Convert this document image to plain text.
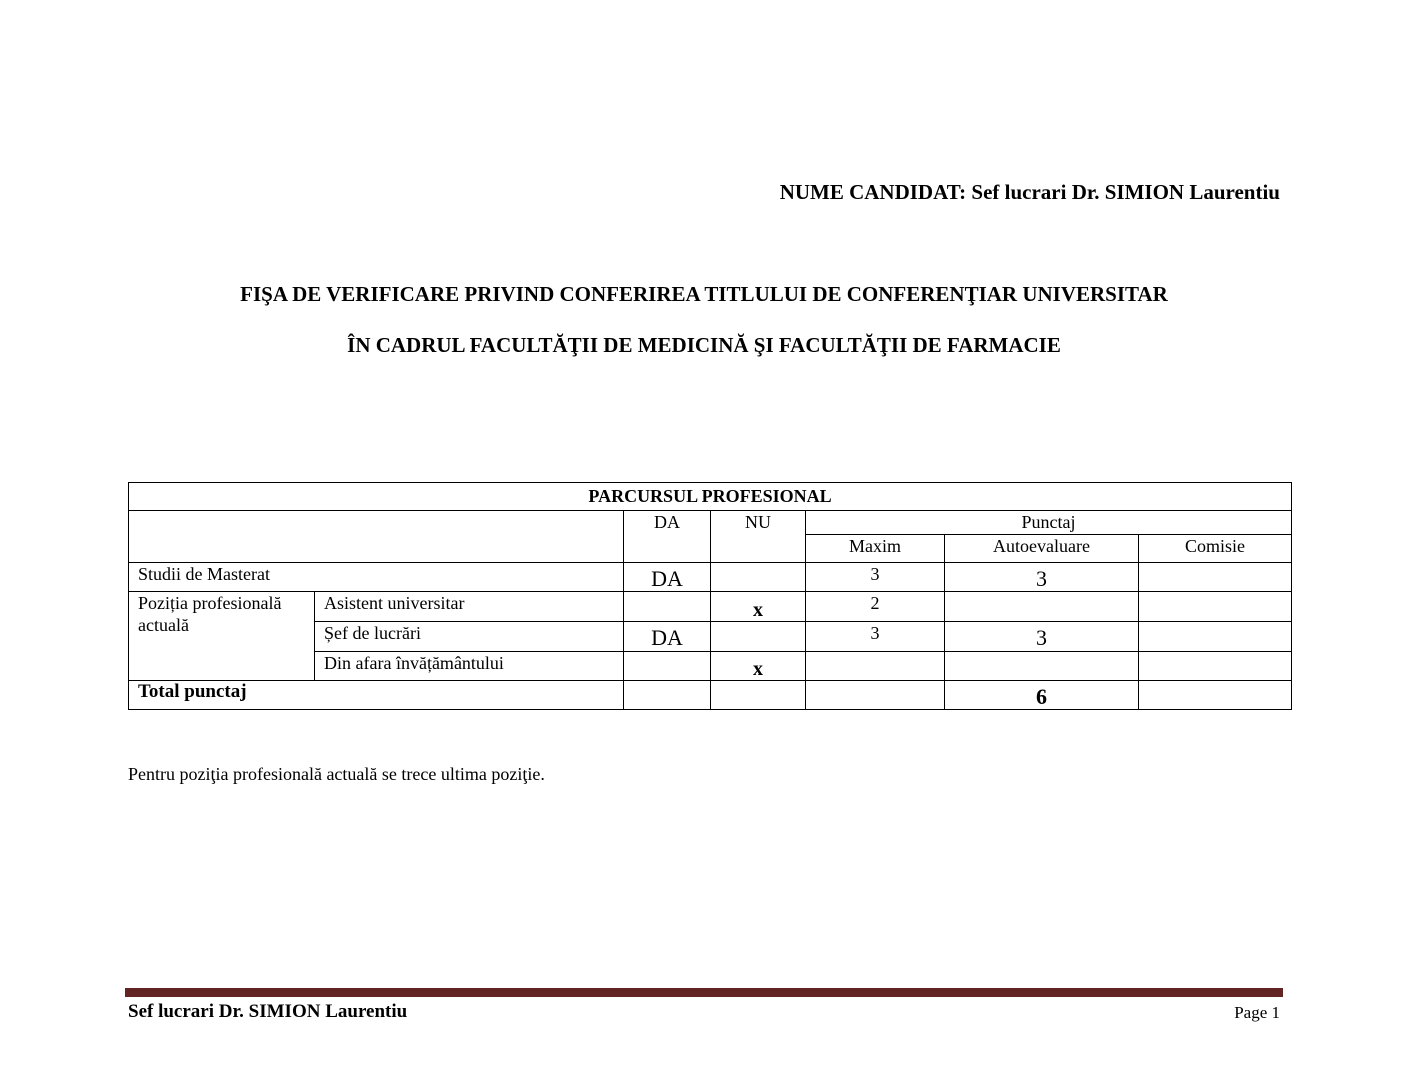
NUME CANDIDAT: Sef lucrari Dr. SIMION Laurentiu
FIŞA DE VERIFICARE PRIVIND CONFERIREA TITLULUI DE CONFERENŢIAR UNIVERSITAR
ÎN CADRUL FACULTĂŢII DE MEDICINĂ ŞI FACULTĂŢII DE FARMACIE
PARCURSUL PROFESIONAL						
		DA	NU	Punctaj		
				Maxim	Autoevaluare	Comisie
Studii de Masterat		DA		3	3	
Poziția profesională actuală	Asistent universitar		x	2		
	Șef de lucrări	DA		3	3	
	Din afara învățământului		x			
Total punctaj					6	
Pentru poziţia profesională actuală se trece ultima poziţie.
Sef lucrari Dr. SIMION Laurentiu	Page 1
